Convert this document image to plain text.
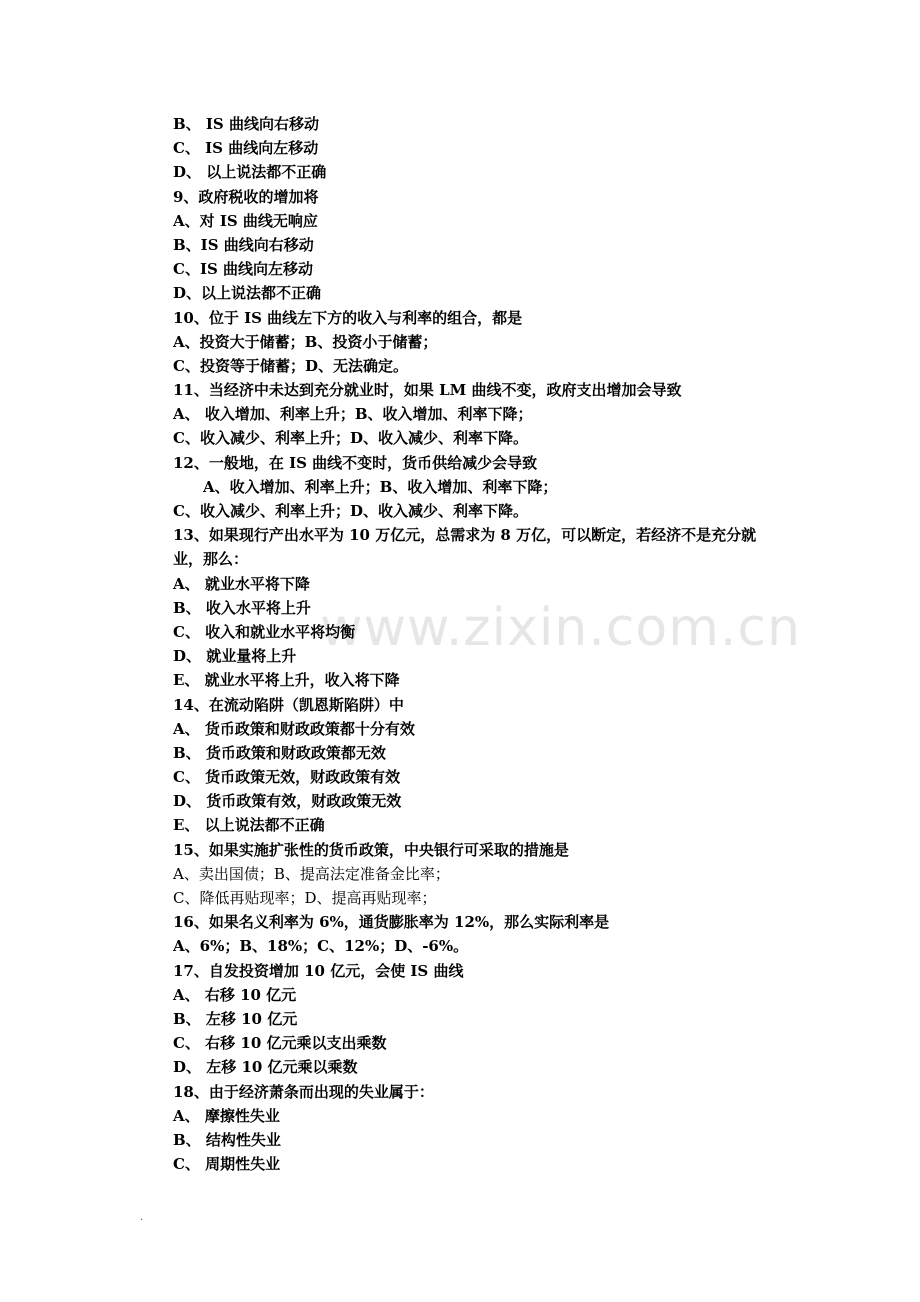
www.zixin.com.cn
B、 IS 曲线向右移动
C、 IS 曲线向左移动
D、 以上说法都不正确
9、政府税收的增加将
A、对 IS 曲线无响应
B、IS 曲线向右移动
C、IS 曲线向左移动
D、以上说法都不正确
10、位于 IS 曲线左下方的收入与利率的组合，都是
A、投资大于储蓄；B、投资小于储蓄；
C、投资等于储蓄；D、无法确定。
11、当经济中未达到充分就业时，如果 LM 曲线不变，政府支出增加会导致
A、 收入增加、利率上升；B、收入增加、利率下降；
C、收入减少、利率上升；D、收入减少、利率下降。
12、一般地，在 IS 曲线不变时，货币供给减少会导致
A、收入增加、利率上升；B、收入增加、利率下降；
C、收入减少、利率上升；D、收入减少、利率下降。
13、如果现行产出水平为 10 万亿元，总需求为 8 万亿，可以断定，若经济不是充分就
业，那么：
A、 就业水平将下降
B、 收入水平将上升
C、 收入和就业水平将均衡
D、 就业量将上升
E、 就业水平将上升，收入将下降
14、在流动陷阱（凯恩斯陷阱）中
A、 货币政策和财政政策都十分有效
B、 货币政策和财政政策都无效
C、 货币政策无效，财政政策有效
D、 货币政策有效，财政政策无效
E、 以上说法都不正确
15、如果实施扩张性的货币政策，中央银行可采取的措施是
A、卖出国债；B、提高法定准备金比率；
C、降低再贴现率；D、提高再贴现率；
16、如果名义利率为 6%，通货膨胀率为 12%，那么实际利率是
A、6%；B、18%；C、12%；D、-6%。
17、自发投资增加 10 亿元，会使 IS 曲线
A、 右移 10 亿元
B、 左移 10 亿元
C、 右移 10 亿元乘以支出乘数
D、 左移 10 亿元乘以乘数
18、由于经济萧条而出现的失业属于：
A、 摩擦性失业
B、 结构性失业
C、 周期性失业
.
